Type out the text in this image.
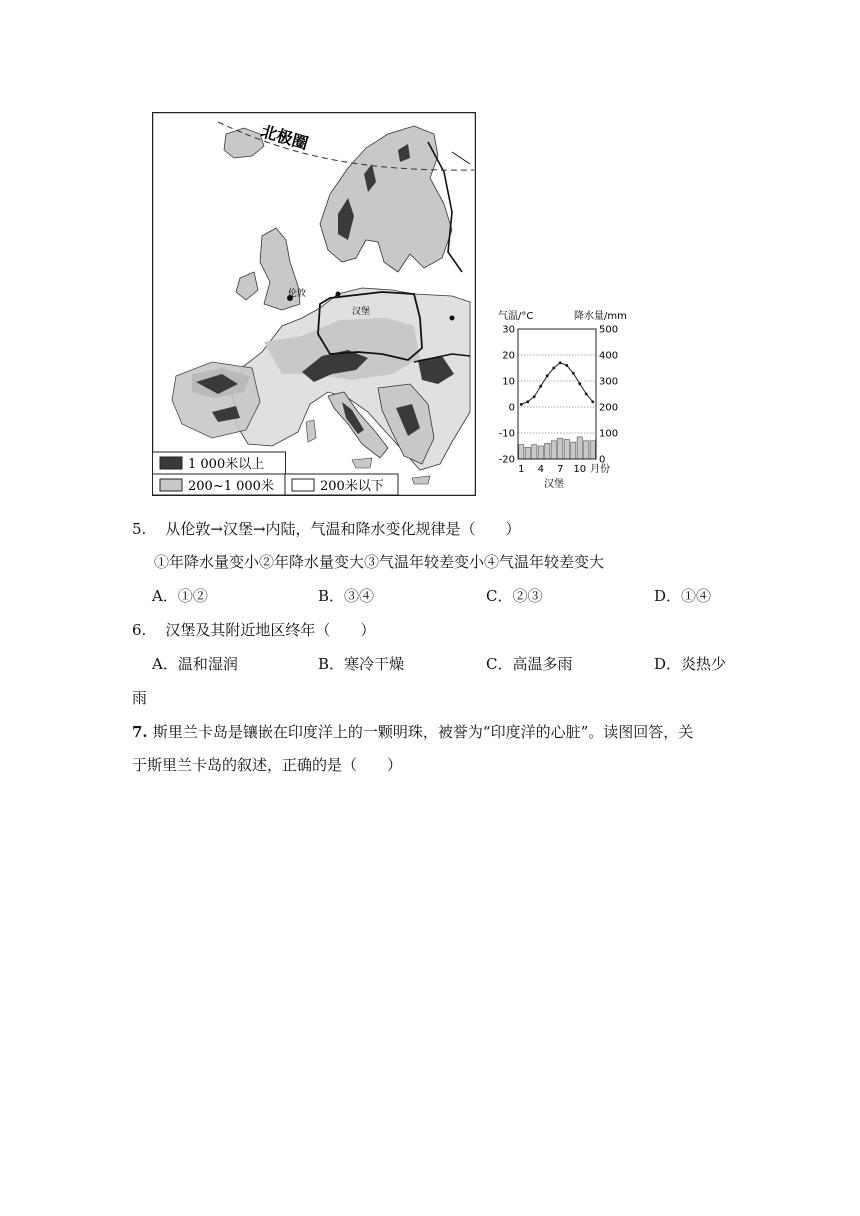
北极圈
伦敦
汉堡
1 000米以上
200~1 000米	200米以下
气温/°C	降水量/mm
30
20
10
0
-10
-20
500
400
300
200
100
0
1 4 7 10 月份
汉堡
5. 从伦敦→汉堡→内陆，气温和降水变化规律是（　　）
①年降水量变小②年降水量变大③气温年较差变小④气温年较差变大
A．①②	B．③④	C．②③	D．①④
6. 汉堡及其附近地区终年（　　）
A．温和湿润	B．寒冷干燥	C．高温多雨	D．炎热少
雨
7. 斯里兰卡岛是镶嵌在印度洋上的一颗明珠，被誉为“印度洋的心脏”。读图回答，关
于斯里兰卡岛的叙述，正确的是（　　）
